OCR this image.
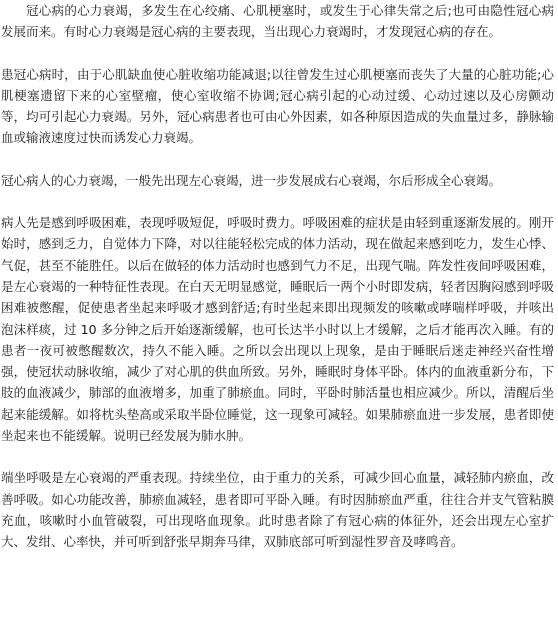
冠心病的心力衰竭，多发生在心绞痛、心肌梗塞时，或发生于心律失常之后;也可由隐性冠心病发展而来。有时心力衰竭是冠心病的主要表现，当出现心力衰竭时，才发现冠心病的存在。

患冠心病时，由于心肌缺血使心脏收缩功能减退;以往曾发生过心肌梗塞而丧失了大量的心脏功能;心肌梗塞遗留下来的心室壁瘤，使心室收缩不协调;冠心病引起的心动过缓、心动过速以及心房颤动等，均可引起心力衰竭。另外，冠心病患者也可由心外因素，如各种原因造成的失血量过多，静脉输血或输液速度过快而诱发心力衰竭。

冠心病人的心力衰竭，一般先出现左心衰竭，进一步发展成右心衰竭，尔后形成全心衰竭。

病人先是感到呼吸困难，表现呼吸短促，呼吸时费力。呼吸困难的症状是由轻到重逐渐发展的。刚开始时，感到乏力，自觉体力下降，对以往能轻松完成的体力活动，现在做起来感到吃力，发生心悸、气促，甚至不能胜任。以后在做轻的体力活动时也感到气力不足，出现气喘。阵发性夜间呼吸困难，是左心衰竭的一种特征性表现。在白天无明显感觉，睡眠后一两个小时即发病，轻者因胸闷感到呼吸困难被憋醒，促使患者坐起来呼吸才感到舒适;有时坐起来即出现频发的咳嗽或哮喘样呼吸，并咳出泡沫样痰，过 10 多分钟之后开始逐渐缓解，也可长达半小时以上才缓解，之后才能再次入睡。有的患者一夜可被憋醒数次，持久不能入睡。之所以会出现以上现象，是由于睡眠后迷走神经兴奋性增强，使冠状动脉收缩，减少了对心肌的供血所致。另外，睡眠时身体平卧。体内的血液重新分布，下肢的血液减少，肺部的血液增多，加重了肺瘀血。同时，平卧时肺活量也相应减少。所以，清醒后坐起来能缓解。如将枕头垫高或采取半卧位睡觉，这一现象可减轻。如果肺瘀血进一步发展，患者即使坐起来也不能缓解。说明已经发展为肺水肿。

端坐呼吸是左心衰竭的严重表现。持续坐位，由于重力的关系，可减少回心血量，减轻肺内瘀血，改善呼吸。如心功能改善，肺瘀血减轻，患者即可平卧入睡。有时因肺瘀血严重，往往合并支气管粘膜充血，咳嗽时小血管破裂，可出现咯血现象。此时患者除了有冠心病的体征外，还会出现左心室扩大、发绀、心率快，并可听到舒张早期奔马律，双肺底部可听到湿性罗音及哮鸣音。
